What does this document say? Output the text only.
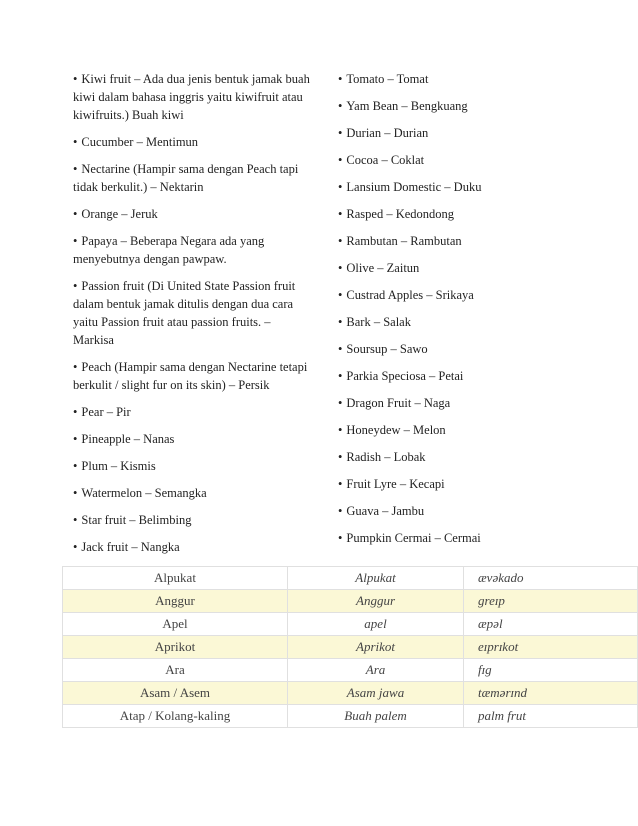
• Kiwi fruit – Ada dua jenis bentuk jamak buah kiwi dalam bahasa inggris yaitu kiwifruit atau kiwifruits.) Buah kiwi
• Cucumber – Mentimun
• Nectarine (Hampir sama dengan Peach tapi tidak berkulit.) – Nektarin
• Orange – Jeruk
• Papaya – Beberapa Negara ada yang menyebutnya dengan pawpaw.
• Passion fruit (Di United State Passion fruit dalam bentuk jamak ditulis dengan dua cara yaitu Passion fruit atau passion fruits. – Markisa
• Peach (Hampir sama dengan Nectarine tetapi berkulit / slight fur on its skin) – Persik
• Pear – Pir
• Pineapple – Nanas
• Plum – Kismis
• Watermelon – Semangka
• Star fruit – Belimbing
• Jack fruit – Nangka
• Tomato – Tomat
• Yam Bean – Bengkuang
• Durian – Durian
• Cocoa – Coklat
• Lansium Domestic – Duku
• Rasped – Kedondong
• Rambutan – Rambutan
• Olive – Zaitun
• Custrad Apples – Srikaya
• Bark – Salak
• Soursup – Sawo
• Parkia Speciosa – Petai
• Dragon Fruit – Naga
• Honeydew – Melon
• Radish – Lobak
• Fruit Lyre – Kecapi
• Guava – Jambu
• Pumpkin Cermai – Cermai
Alpukat	Alpukat	ævəkado
Anggur	Anggur	greɪp
Apel	apel	æpəl
Aprikot	Aprikot	eɪprɪkot
Ara	Ara	fɪg
Asam / Asem	Asam jawa	tæmərɪnd
Atap / Kolang-kaling	Buah palem	palm frut
